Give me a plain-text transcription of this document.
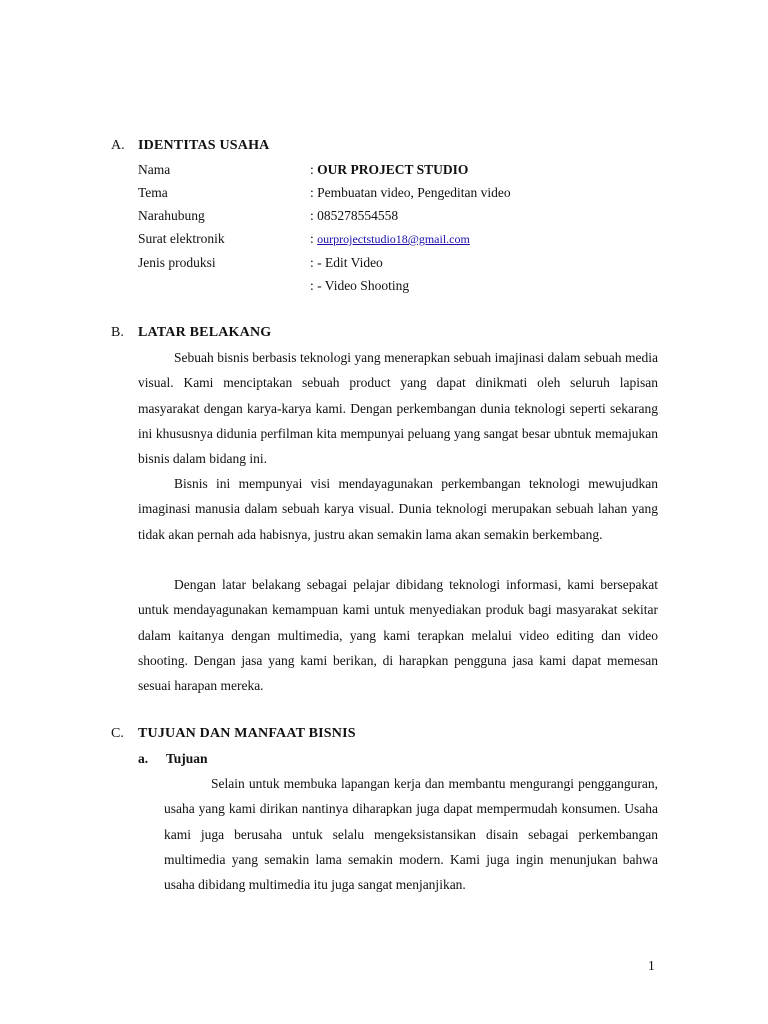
A. IDENTITAS USAHA
Nama	: OUR PROJECT STUDIO
Tema	: Pembuatan video, Pengeditan video
Narahubung	: 085278554558
Surat elektronik	: ourprojectstudio18@gmail.com
Jenis produksi	: - Edit Video
: - Video Shooting
B. LATAR BELAKANG

Sebuah bisnis berbasis teknologi yang menerapkan sebuah imajinasi dalam sebuah media visual. Kami menciptakan sebuah product yang dapat dinikmati oleh seluruh lapisan masyarakat dengan karya-karya kami. Dengan perkembangan dunia teknologi seperti sekarang ini khususnya didunia perfilman kita mempunyai peluang yang sangat besar ubntuk memajukan bisnis dalam bidang ini.

Bisnis ini mempunyai visi mendayagunakan perkembangan teknologi mewujudkan imaginasi manusia dalam sebuah karya visual. Dunia teknologi merupakan sebuah lahan yang tidak akan pernah ada habisnya, justru akan semakin lama akan semakin berkembang.

Dengan latar belakang sebagai pelajar dibidang teknologi informasi, kami bersepakat untuk mendayagunakan kemampuan kami untuk menyediakan produk bagi masyarakat sekitar dalam kaitanya dengan multimedia, yang kami terapkan melalui video editing dan video shooting. Dengan jasa yang kami berikan, di harapkan pengguna jasa kami dapat memesan sesuai harapan mereka.

C. TUJUAN DAN MANFAAT BISNIS
a. Tujuan

Selain untuk membuka lapangan kerja dan membantu mengurangi pengganguran, usaha yang kami dirikan nantinya diharapkan juga dapat mempermudah konsumen. Usaha kami juga berusaha untuk selalu mengeksistansikan disain sebagai perkembangan multimedia yang semakin lama semakin modern. Kami juga ingin menunjukan bahwa usaha dibidang multimedia itu juga sangat menjanjikan.

1
